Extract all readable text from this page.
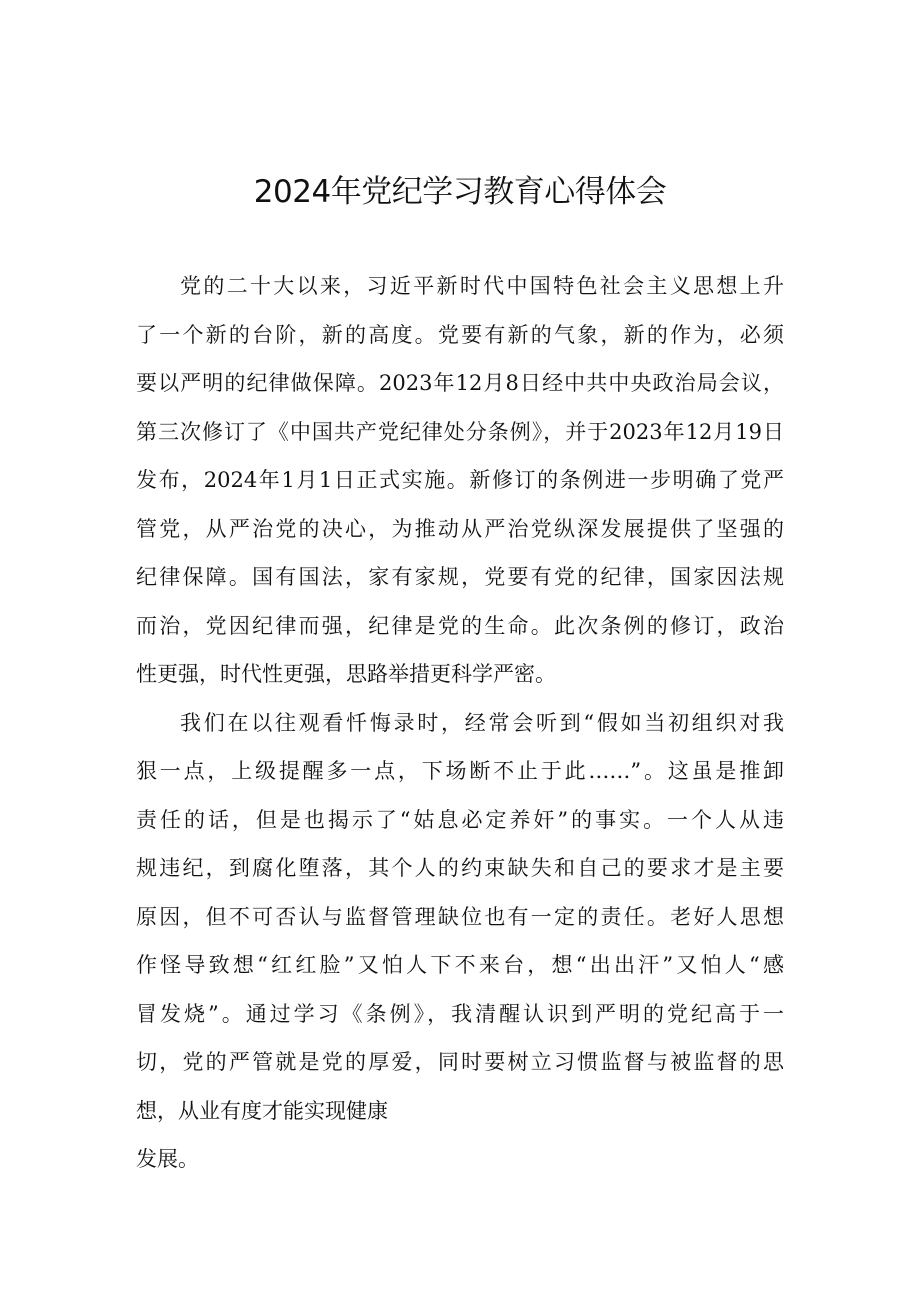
2024年党纪学习教育心得体会
党的二十大以来，习近平新时代中国特色社会主义思想上升
了一个新的台阶，新的高度。党要有新的气象，新的作为，必须
要以严明的纪律做保障。2023年12月8日经中共中央政治局会议，
第三次修订了《中国共产党纪律处分条例》，并于2023年12月19日
发布，2024年1月1日正式实施。新修订的条例进一步明确了党严
管党，从严治党的决心，为推动从严治党纵深发展提供了坚强的
纪律保障。国有国法，家有家规，党要有党的纪律，国家因法规
而治，党因纪律而强，纪律是党的生命。此次条例的修订，政治
性更强，时代性更强，思路举措更科学严密。
我们在以往观看忏悔录时，经常会听到“假如当初组织对我
狠一点，上级提醒多一点，下场断不止于此……”。这虽是推卸
责任的话，但是也揭示了“姑息必定养奸”的事实。一个人从违
规违纪，到腐化堕落，其个人的约束缺失和自己的要求才是主要
原因，但不可否认与监督管理缺位也有一定的责任。老好人思想
作怪导致想“红红脸”又怕人下不来台，想“出出汗”又怕人“感
冒发烧”。通过学习《条例》，我清醒认识到严明的党纪高于一
切，党的严管就是党的厚爱，同时要树立习惯监督与被监督的思
想，从业有度才能实现健康
发展。
